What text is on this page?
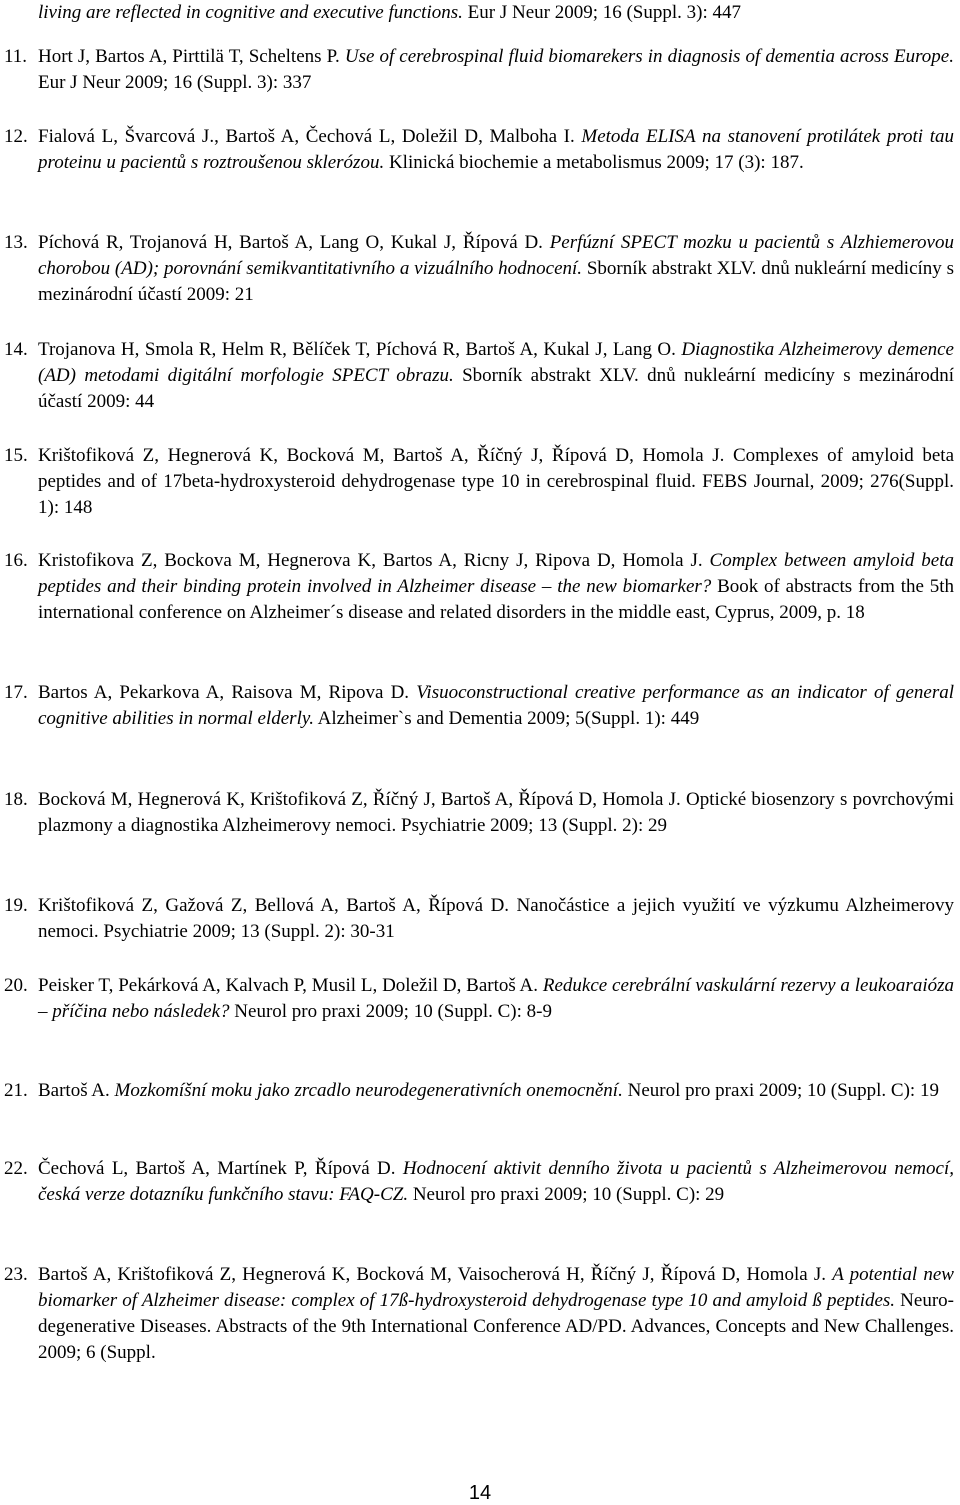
living are reflected in cognitive and executive functions. Eur J Neur 2009; 16 (Suppl. 3): 447
11. Hort J, Bartos A, Pirttilä T, Scheltens P. Use of cerebrospinal fluid biomarekers in diagnosis of dementia across Europe. Eur J Neur 2009; 16 (Suppl. 3): 337
12. Fialová L, Švarcová J., Bartoš A, Čechová L, Doležil D, Malboha I. Metoda ELISA na stanovení protilátek proti tau proteinu u pacientů s roztroušenou sklerózou. Klinická biochemie a metabolismus 2009; 17 (3): 187.
13. Píchová R, Trojanová H, Bartoš A, Lang O, Kukal J, Řípová D. Perfúzní SPECT mozku u pacientů s Alzhiemerovou chorobou (AD); porovnání semikvantitativního a vizuálního hodnocení. Sborník abstrakt XLV. dnů nukleární medicíny s mezinárodní účastí 2009: 21
14. Trojanova H, Smola R, Helm R, Bělíček T, Píchová R, Bartoš A, Kukal J, Lang O. Diagnostika Alzheimerovy demence (AD) metodami digitální morfologie SPECT obrazu. Sborník abstrakt XLV. dnů nukleární medicíny s mezinárodní účastí 2009: 44
15. Krištofiková Z, Hegnerová K, Bocková M, Bartoš A, Říčný J, Řípová D, Homola J. Complexes of amyloid beta peptides and of 17beta-hydroxysteroid dehydrogenase type 10 in cerebrospinal fluid. FEBS Journal, 2009; 276(Suppl. 1): 148
16. Kristofikova Z, Bockova M, Hegnerova K, Bartos A, Ricny J, Ripova D, Homola J. Complex between amyloid beta peptides and their binding protein involved in Alzheimer disease – the new biomarker? Book of abstracts from the 5th international conference on Alzheimer´s disease and related disorders in the middle east, Cyprus, 2009, p. 18
17. Bartos A, Pekarkova A, Raisova M, Ripova D. Visuoconstructional creative performance as an indicator of general cognitive abilities in normal elderly. Alzheimer`s and Dementia 2009; 5(Suppl. 1): 449
18. Bocková M, Hegnerová K, Krištofiková Z, Říčný J, Bartoš A, Řípová D, Homola J. Optické biosenzory s povrchovými plazmony a diagnostika Alzheimerovy nemoci. Psychiatrie 2009; 13 (Suppl. 2): 29
19. Krištofiková Z, Gažová Z, Bellová A, Bartoš A, Řípová D. Nanočástice a jejich využití ve výzkumu Alzheimerovy nemoci. Psychiatrie 2009; 13 (Suppl. 2): 30-31
20. Peisker T, Pekárková A, Kalvach P, Musil L, Doležil D, Bartoš A. Redukce cerebrální vaskulární rezervy a leukoaraióza – příčina nebo následek? Neurol pro praxi 2009; 10 (Suppl. C): 8-9
21. Bartoš A. Mozkomíšní moku jako zrcadlo neurodegenerativních onemocnění. Neurol pro praxi 2009; 10 (Suppl. C): 19
22. Čechová L, Bartoš A, Martínek P, Řípová D. Hodnocení aktivit denního života u pacientů s Alzheimerovou nemocí, česká verze dotazníku funkčního stavu: FAQ-CZ. Neurol pro praxi 2009; 10 (Suppl. C): 29
23. Bartoš A, Krištofiková Z, Hegnerová K, Bocková M, Vaisocherová H, Říčný J, Řípová D, Homola J. A potential new biomarker of Alzheimer disease: complex of 17ß-hydroxysteroid dehydrogenase type 10 and amyloid ß peptides. Neuro-degenerative Diseases. Abstracts of the 9th International Conference AD/PD. Advances, Concepts and New Challenges. 2009; 6 (Suppl.
14
